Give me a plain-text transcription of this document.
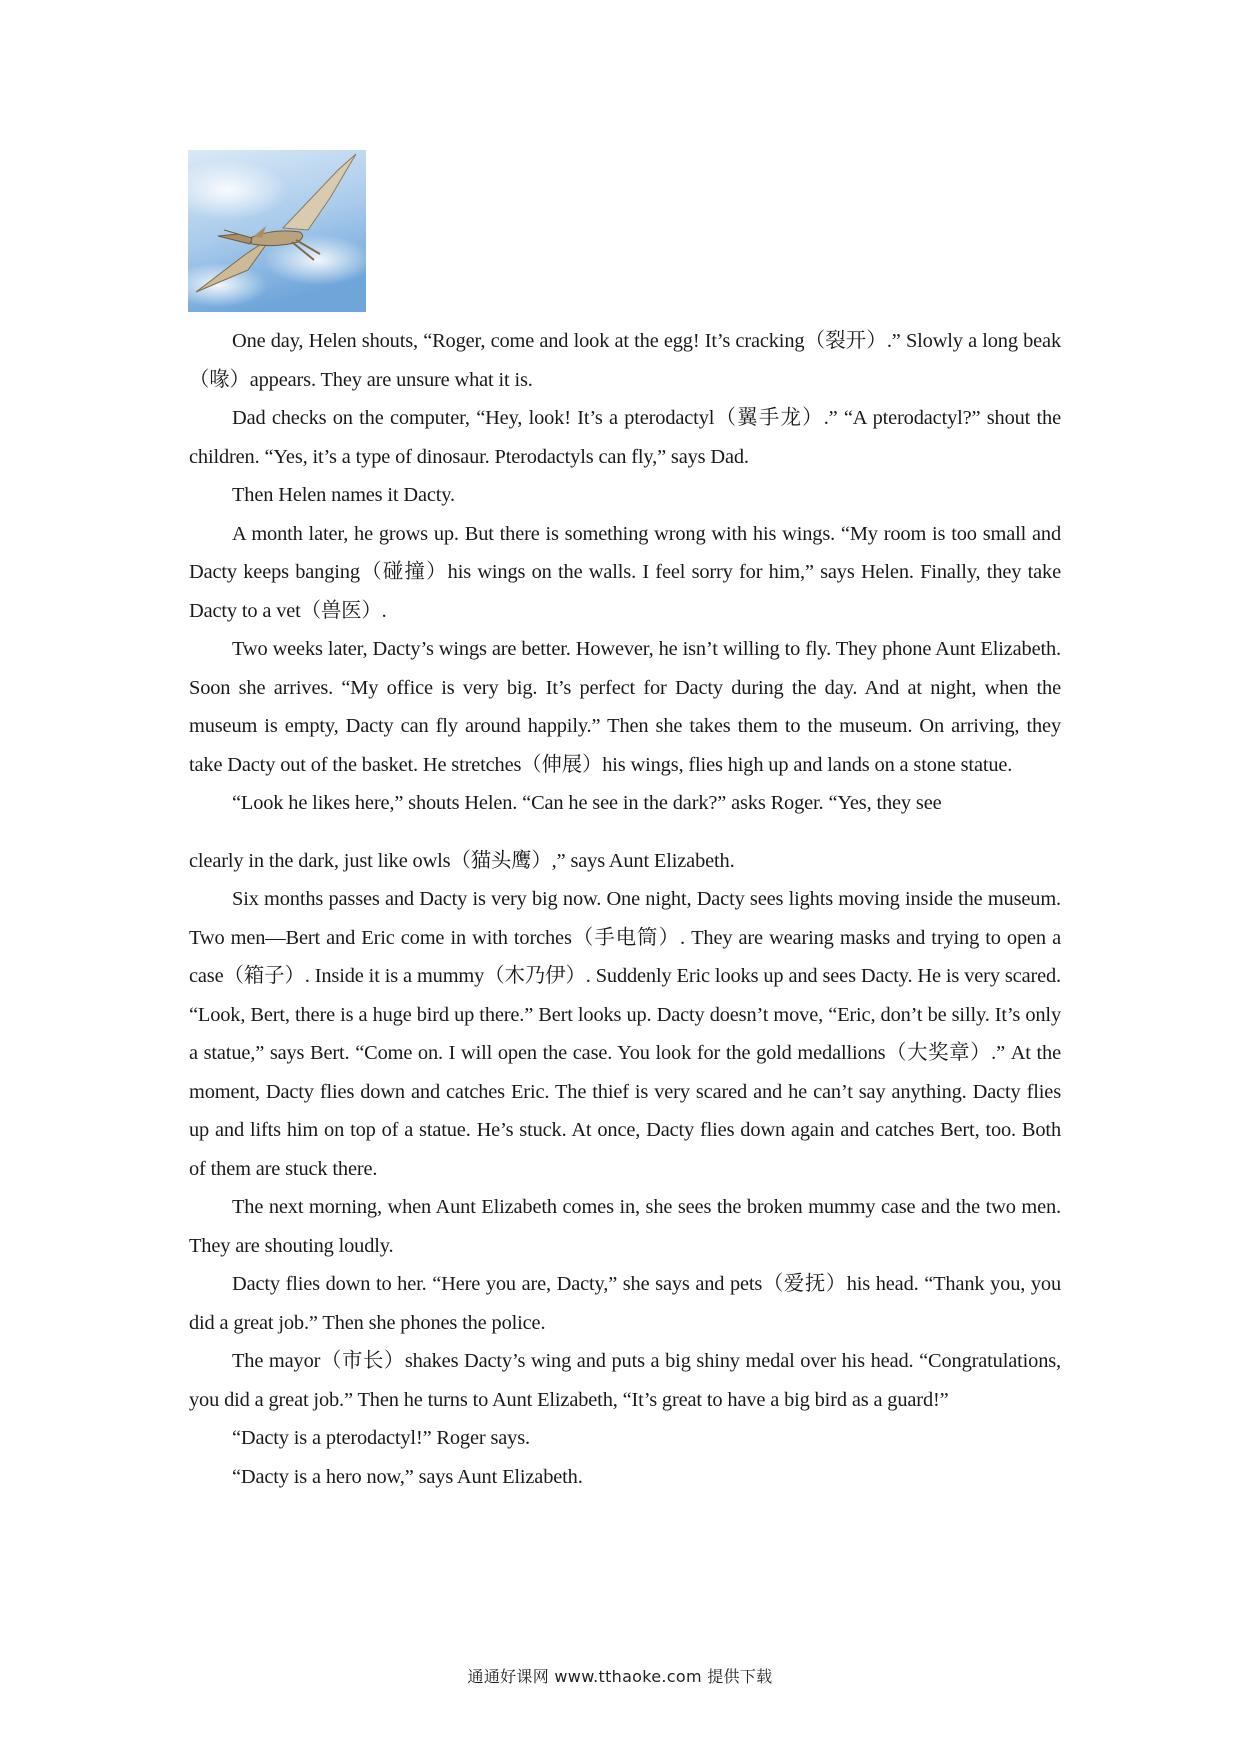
One day, Helen shouts, “Roger, come and look at the egg! It’s cracking（裂开）.” Slowly a long beak（喙）appears. They are unsure what it is.

Dad checks on the computer, “Hey, look! It’s a pterodactyl（翼手龙）.” “A pterodactyl?” shout the children. “Yes, it’s a type of dinosaur. Pterodactyls can fly,” says Dad.

Then Helen names it Dacty.

A month later, he grows up. But there is something wrong with his wings. “My room is too small and Dacty keeps banging（碰撞）his wings on the walls. I feel sorry for him,” says Helen. Finally, they take Dacty to a vet（兽医）.

Two weeks later, Dacty’s wings are better. However, he isn’t willing to fly. They phone Aunt Elizabeth. Soon she arrives. “My office is very big. It’s perfect for Dacty during the day. And at night, when the museum is empty, Dacty can fly around happily.” Then she takes them to the museum. On arriving, they take Dacty out of the basket. He stretches（伸展）his wings, flies high up and lands on a stone statue.

“Look he likes here,” shouts Helen. “Can he see in the dark?” asks Roger. “Yes, they see

clearly in the dark, just like owls（猫头鹰）,” says Aunt Elizabeth.

Six months passes and Dacty is very big now. One night, Dacty sees lights moving inside the museum. Two men—Bert and Eric come in with torches（手电筒）. They are wearing masks and trying to open a case（箱子）. Inside it is a mummy（木乃伊）. Suddenly Eric looks up and sees Dacty. He is very scared. “Look, Bert, there is a huge bird up there.” Bert looks up. Dacty doesn’t move, “Eric, don’t be silly. It’s only a statue,” says Bert. “Come on. I will open the case. You look for the gold medallions（大奖章）.” At the moment, Dacty flies down and catches Eric. The thief is very scared and he can’t say anything. Dacty flies up and lifts him on top of a statue. He’s stuck. At once, Dacty flies down again and catches Bert, too. Both of them are stuck there.

The next morning, when Aunt Elizabeth comes in, she sees the broken mummy case and the two men. They are shouting loudly.

Dacty flies down to her. “Here you are, Dacty,” she says and pets（爱抚）his head. “Thank you, you did a great job.” Then she phones the police.

The mayor（市长）shakes Dacty’s wing and puts a big shiny medal over his head. “Congratulations, you did a great job.” Then he turns to Aunt Elizabeth, “It’s great to have a big bird as a guard!”

“Dacty is a pterodactyl!” Roger says.

“Dacty is a hero now,” says Aunt Elizabeth.

通通好课网 www.tthaoke.com 提供下载
